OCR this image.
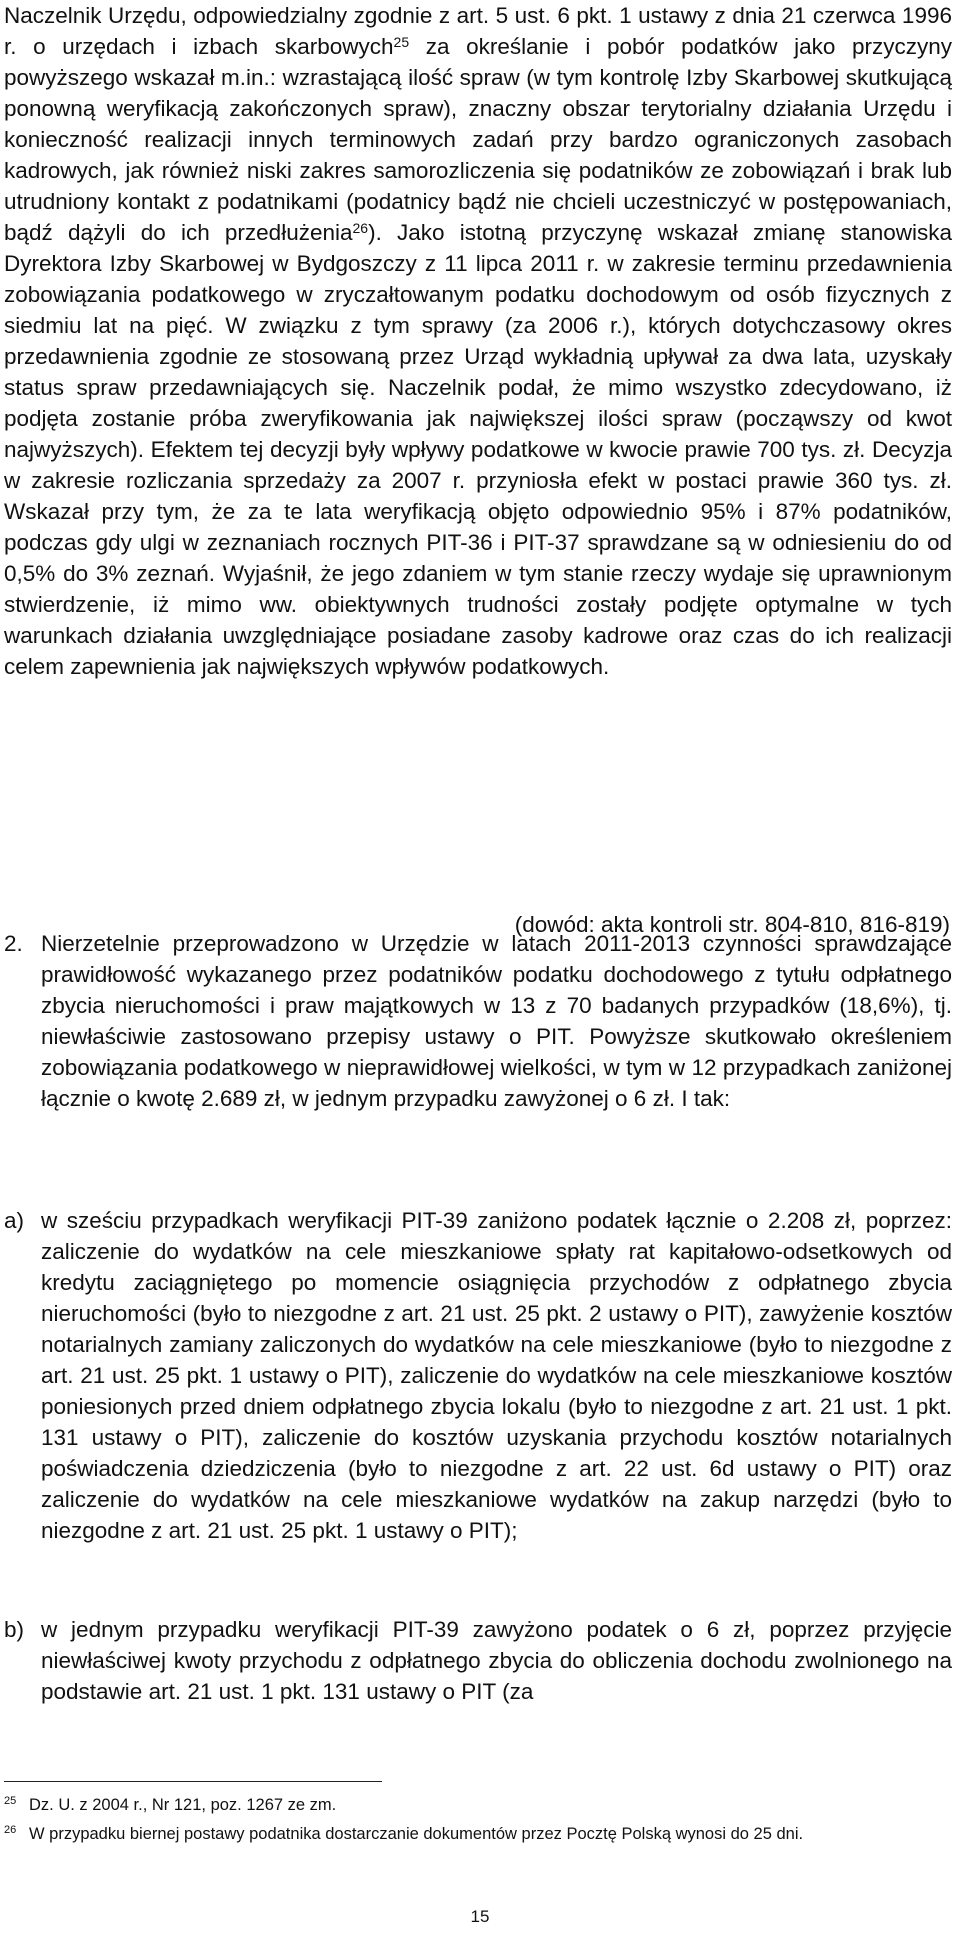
Naczelnik Urzędu, odpowiedzialny zgodnie z art. 5 ust. 6 pkt. 1 ustawy z dnia 21 czerwca 1996 r. o urzędach i izbach skarbowych$^{25}$ za określanie i pobór podatków jako przyczyny powyższego wskazał m.in.: wzrastającą ilość spraw (w tym kontrolę Izby Skarbowej skutkującą ponowną weryfikacją zakończonych spraw), znaczny obszar terytorialny działania Urzędu i konieczność realizacji innych terminowych zadań przy bardzo ograniczonych zasobach kadrowych, jak również niski zakres samorozliczenia się podatników ze zobowiązań i brak lub utrudniony kontakt z podatnikami (podatnicy bądź nie chcieli uczestniczyć w postępowaniach, bądź dążyli do ich przedłużenia$^{26}$). Jako istotną przyczynę wskazał zmianę stanowiska Dyrektora Izby Skarbowej w Bydgoszczy z 11 lipca 2011 r. w zakresie terminu przedawnienia zobowiązania podatkowego w zryczałtowanym podatku dochodowym od osób fizycznych z siedmiu lat na pięć. W związku z tym sprawy (za 2006 r.), których dotychczasowy okres przedawnienia zgodnie ze stosowaną przez Urząd wykładnią upływał za dwa lata, uzyskały status spraw przedawniających się. Naczelnik podał, że mimo wszystko zdecydowano, iż podjęta zostanie próba zweryfikowania jak największej ilości spraw (począwszy od kwot najwyższych). Efektem tej decyzji były wpływy podatkowe w kwocie prawie 700 tys. zł. Decyzja w zakresie rozliczania sprzedaży za 2007 r. przyniosła efekt w postaci prawie 360 tys. zł. Wskazał przy tym, że za te lata weryfikacją objęto odpowiednio 95% i 87% podatników, podczas gdy ulgi w zeznaniach rocznych PIT-36 i PIT-37 sprawdzane są w odniesieniu do od 0,5% do 3% zeznań. Wyjaśnił, że jego zdaniem w tym stanie rzeczy wydaje się uprawnionym stwierdzenie, iż mimo ww. obiektywnych trudności zostały podjęte optymalne w tych warunkach działania uwzględniające posiadane zasoby kadrowe oraz czas do ich realizacji celem zapewnienia jak największych wpływów podatkowych.
(dowód: akta kontroli str. 804-810, 816-819)
2. Nierzetelnie przeprowadzono w Urzędzie w latach 2011-2013 czynności sprawdzające prawidłowość wykazanego przez podatników podatku dochodowego z tytułu odpłatnego zbycia nieruchomości i praw majątkowych w 13 z 70 badanych przypadków (18,6%), tj. niewłaściwie zastosowano przepisy ustawy o PIT. Powyższe skutkowało określeniem zobowiązania podatkowego w nieprawidłowej wielkości, w tym w 12 przypadkach zaniżonej łącznie o kwotę 2.689 zł, w jednym przypadku zawyżonej o 6 zł. I tak:
a) w sześciu przypadkach weryfikacji PIT-39 zaniżono podatek łącznie o 2.208 zł, poprzez: zaliczenie do wydatków na cele mieszkaniowe spłaty rat kapitałowo-odsetkowych od kredytu zaciągniętego po momencie osiągnięcia przychodów z odpłatnego zbycia nieruchomości (było to niezgodne z art. 21 ust. 25 pkt. 2 ustawy o PIT), zawyżenie kosztów notarialnych zamiany zaliczonych do wydatków na cele mieszkaniowe (było to niezgodne z art. 21 ust. 25 pkt. 1 ustawy o PIT), zaliczenie do wydatków na cele mieszkaniowe kosztów poniesionych przed dniem odpłatnego zbycia lokalu (było to niezgodne z art. 21 ust. 1 pkt. 131 ustawy o PIT), zaliczenie do kosztów uzyskania przychodu kosztów notarialnych poświadczenia dziedziczenia (było to niezgodne z art. 22 ust. 6d ustawy o PIT) oraz zaliczenie do wydatków na cele mieszkaniowe wydatków na zakup narzędzi (było to niezgodne z art. 21 ust. 25 pkt. 1 ustawy o PIT);
b) w jednym przypadku weryfikacji PIT-39 zawyżono podatek o 6 zł, poprzez przyjęcie niewłaściwej kwoty przychodu z odpłatnego zbycia do obliczenia dochodu zwolnionego na podstawie art. 21 ust. 1 pkt. 131 ustawy o PIT (za
25 Dz. U. z 2004 r., Nr 121, poz. 1267 ze zm.
26 W przypadku biernej postawy podatnika dostarczanie dokumentów przez Pocztę Polską wynosi do 25 dni.
15
